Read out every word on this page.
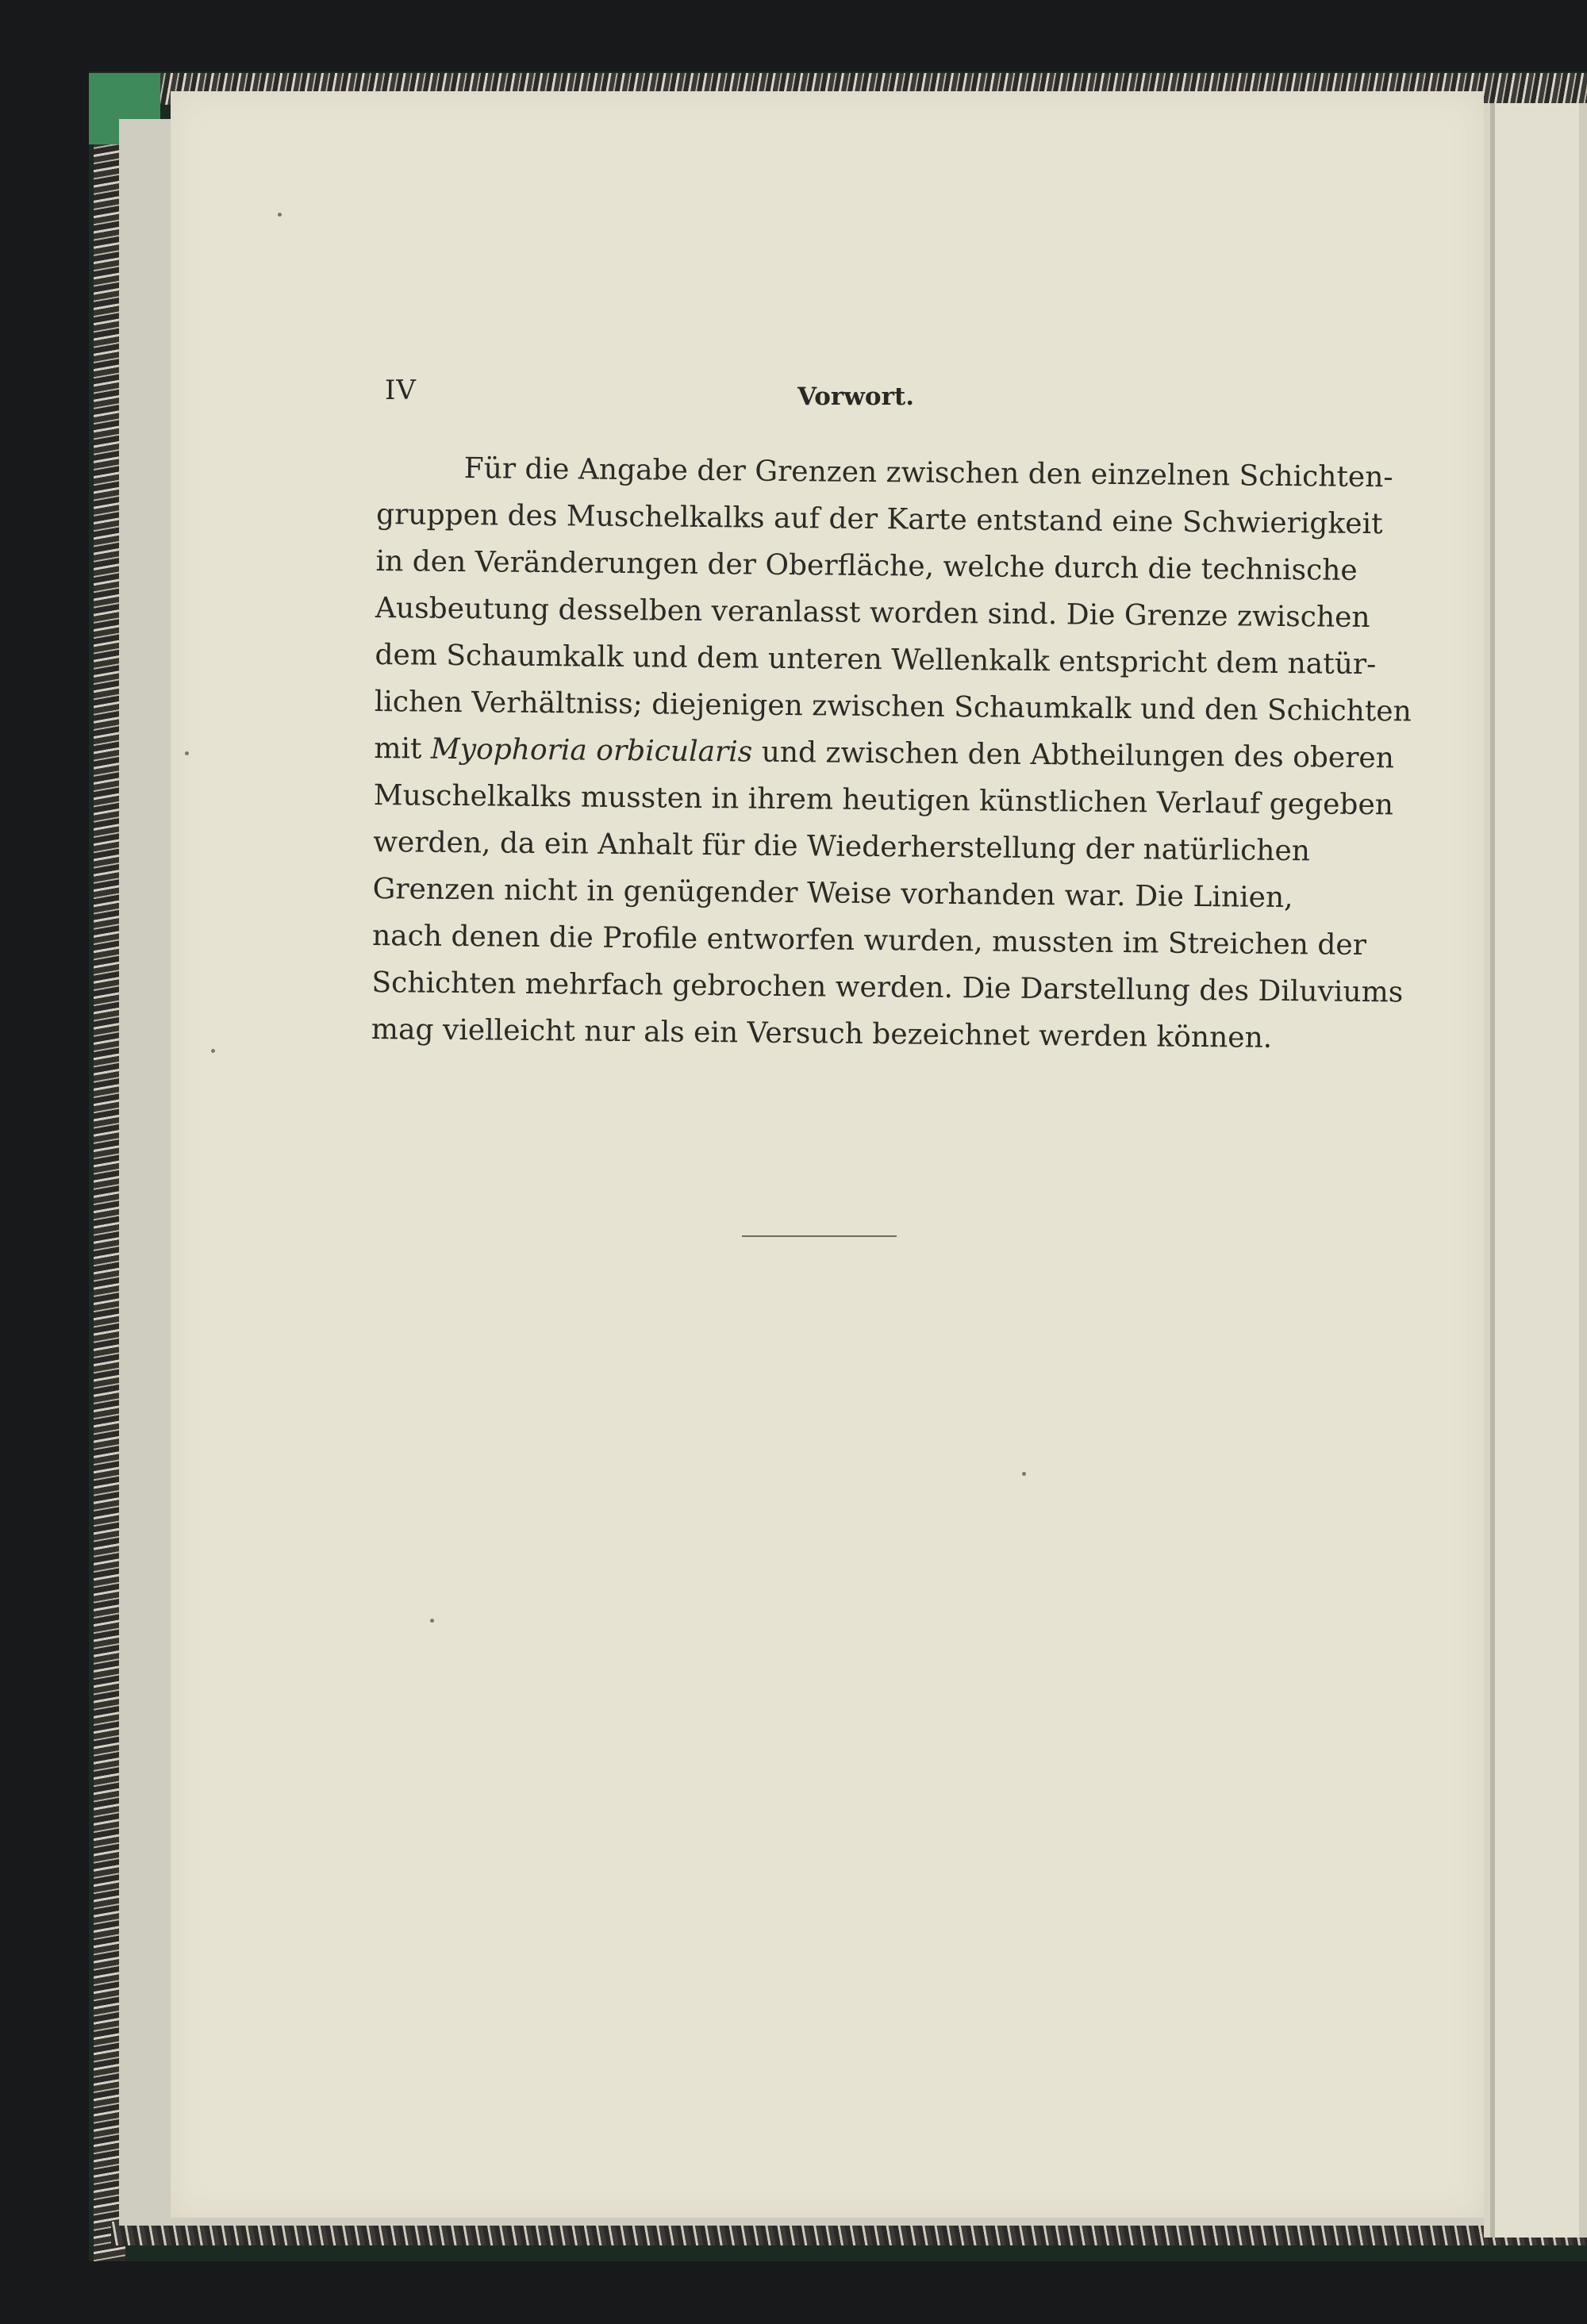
IV	Vorwort.
Für die Angabe der Grenzen zwischen den einzelnen Schichten-
gruppen des Muschelkalks auf der Karte entstand eine Schwierigkeit
in den Veränderungen der Oberfläche, welche durch die technische
Ausbeutung desselben veranlasst worden sind. Die Grenze zwischen
dem Schaumkalk und dem unteren Wellenkalk entspricht dem natür-
lichen Verhältniss; diejenigen zwischen Schaumkalk und den Schichten
mit Myophoria orbicularis und zwischen den Abtheilungen des oberen
Muschelkalks mussten in ihrem heutigen künstlichen Verlauf gegeben
werden, da ein Anhalt für die Wiederherstellung der natürlichen
Grenzen nicht in genügender Weise vorhanden war. Die Linien,
nach denen die Profile entworfen wurden, mussten im Streichen der
Schichten mehrfach gebrochen werden. Die Darstellung des Diluviums
mag vielleicht nur als ein Versuch bezeichnet werden können.
